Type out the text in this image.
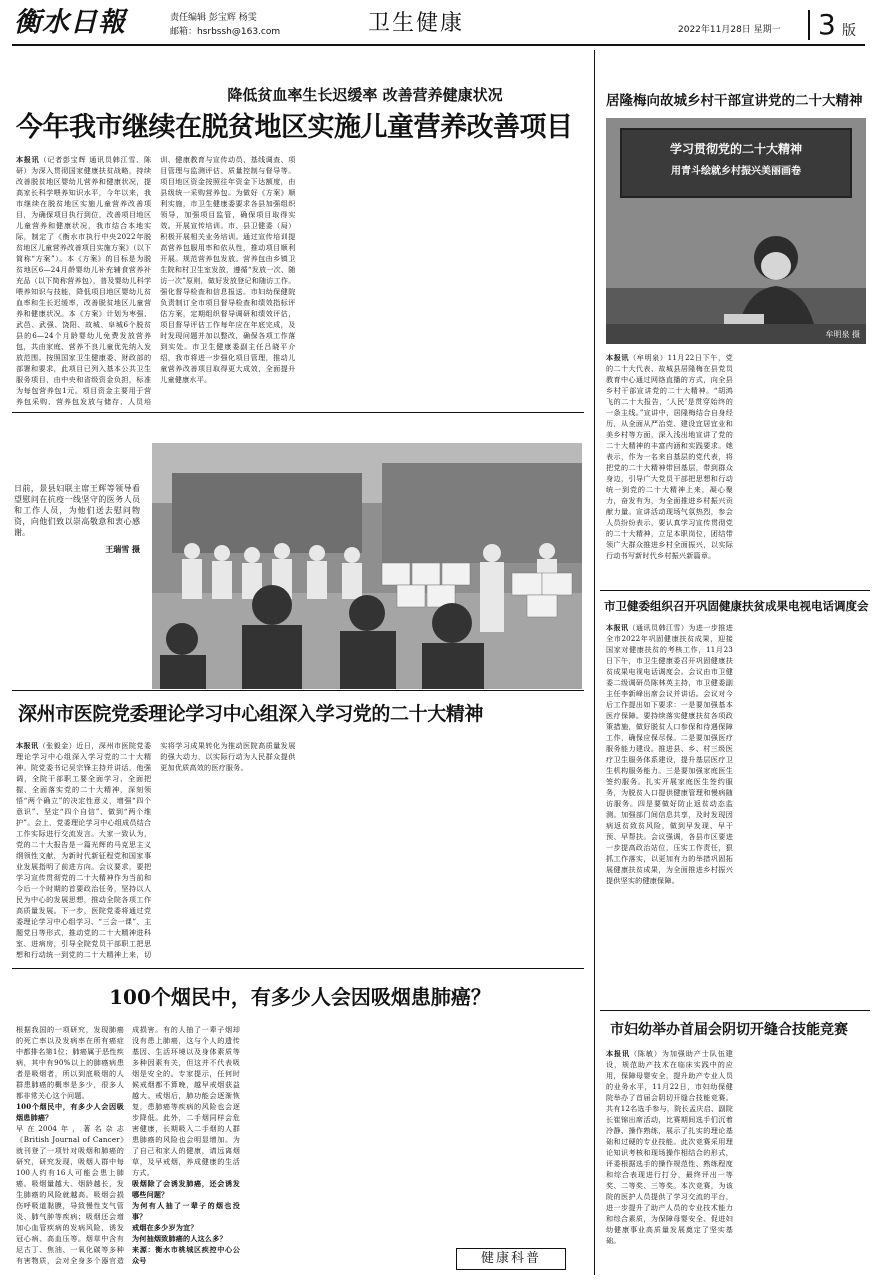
衡水日報	责任编辑 彭宝辉 杨雯
邮箱：hsrbssh@163.com	卫生健康	2022年11月28日 星期一 3 版
降低贫血率生长迟缓率 改善营养健康状况
今年我市继续在脱贫地区实施儿童营养改善项目
本报讯（记者彭宝辉 通讯员韩江雪、陈研）为深入贯彻国家健康扶贫战略，持续改善脱贫地区婴幼儿营养和健康状况，提高家长科学喂养知识水平，今年以来，我市继续在脱贫地区实施儿童营养改善项目，为确保项目执行到位，改善项目地区儿童营养和健康状况，我市结合本地实际，制定了《衡水市执行中央2022年脱贫地区儿童营养改善项目实施方案》（以下简称“方案”）。本《方案》的目标是为脱贫地区6—24月龄婴幼儿补充辅食营养补充品（以下简称营养包），普及婴幼儿科学喂养知识与技能，降低项目地区婴幼儿贫血率和生长迟缓率，改善脱贫地区儿童营养和健康状况。本《方案》计划为枣强、武邑、武强、饶阳、故城、阜城6个脱贫县的6—24个月龄婴幼儿免费发放营养包，共由家庭、营养不良儿童优先纳入发放范围。按照国家卫生健康委、财政部的部署和要求，此项目已列入基本公共卫生服务项目，由中央和省级资金负担，标准为每包营养包1元。项目资金主要用于营养包采购、营养包发放与储存、人员培训、健康教育与宣传动员、基线调查、项目管理与监测评估、质量控制与督导等。项目地区资金按照往年资金下达额度，由县级统一采购营养包。为做好《方案》顺利实施，市卫生健康委要求各县加强组织领导，加强项目监管，确保项目取得实效。开展宣传培训。市、县卫健委（局）积极开展相关业务培训。通过宣传培训提高营养包服用率和依从性，推动项目顺利开展。规范营养包发放。营养包由乡镇卫生院和村卫生室发放，遵循“发放一次、随访一次”原则，做好发放登记和随访工作。强化督导检查和信息报送。市妇幼保健院负责制订全市项目督导检查和绩效指标评估方案，定期组织督导调研和绩效评估，项目督导评估工作每年应在年底完成，及时发现问题并加以整改，确保各项工作落到实处。市卫生健康委副主任吕晓平介绍，我市将进一步强化项目管理，推动儿童营养改善项目取得更大成效，全面提升儿童健康水平。
日前，景县妇联主席王辉等领导看望慰问在抗疫一线坚守的医务人员和工作人员，为他们送去慰问物资，向他们致以崇高敬意和衷心感谢。
王瑞雪 摄
深州市医院党委理论学习中心组深入学习党的二十大精神
本报讯（张毅金）近日，深州市医院党委理论学习中心组深入学习党的二十大精神。院党委书记吴宗锋主持并讲话，他强调，全院干部职工要全面学习、全面把握、全面落实党的二十大精神，深刻领悟“两个确立”的决定性意义，增强“四个意识”、坚定“四个自信”、做到“两个维护”。会上，党委理论学习中心组成员结合工作实际进行交流发言。大家一致认为，党的二十大报告是一篇光辉的马克思主义纲领性文献，为新时代新征程党和国家事业发展指明了前进方向。会议要求，要把学习宣传贯彻党的二十大精神作为当前和今后一个时期的首要政治任务，坚持以人民为中心的发展思想，推动全院各项工作高质量发展。下一步，医院党委将通过党委理论学习中心组学习、“三会一课”、主题党日等形式，推动党的二十大精神进科室、进病房，引导全院党员干部职工把思想和行动统一到党的二十大精神上来，切实将学习成果转化为推动医院高质量发展的强大动力，以实际行动为人民群众提供更加优质高效的医疗服务。
100个烟民中，有多少人会因吸烟患肺癌？
根据我国的一项研究，发现肺癌的死亡率以及发病率在所有癌症中都排名第1位；肺癌属于恶性疾病，其中有90%以上的肺癌病患者是吸烟者，所以到底吸烟的人群患肺癌的概率是多少，很多人都非常关心这个问题。
100个烟民中，有多少人会因吸烟患肺癌？
早在2004年，著名杂志《British Journal of Cancer》就刊登了一项针对吸烟和肺癌的研究，研究发现，吸烟人群中每100人约有16人可能会患上肺癌。吸烟量越大、烟龄越长，发生肺癌的风险就越高。吸烟会损伤呼吸道黏膜，导致慢性支气管炎、肺气肿等疾病；吸烟还会增加心血管疾病的发病风险，诱发冠心病、高血压等。烟草中含有尼古丁、焦油、一氧化碳等多种有害物质，会对全身多个器官造成损害。有的人抽了一辈子烟却没有患上肺癌，这与个人的遗传基因、生活环境以及身体素质等多种因素有关，但这并不代表吸烟是安全的。专家提示，任何时候戒烟都不算晚，越早戒烟获益越大。戒烟后，肺功能会逐渐恢复，患肺癌等疾病的风险也会逐步降低。此外，二手烟同样会危害健康，长期吸入二手烟的人群患肺癌的风险也会明显增加。为了自己和家人的健康，请远离烟草，及早戒烟，养成健康的生活方式。
吸烟除了会诱发肺癌，还会诱发哪些问题？
为何有人抽了一辈子的烟也没事？
戒烟在多少岁为宜？
为何抽烟致肺癌的人这么多？
来源：衡水市桃城区疾控中心公众号	健康科普
居隆梅向故城乡村干部宣讲党的二十大精神
学习贯彻党的二十大精神
用青斗绘就乡村振兴美丽画卷
牟明泉 摄
本报讯（牟明泉）11月22日下午，党的二十大代表、故城县居隆梅在县党员教育中心通过网络直播的方式，向全县乡村干部宣讲党的二十大精神。“胡鸿飞的二十大报告，‘人民’是贯穿始终的一条主线。”宣讲中，居隆梅结合自身经历，从全面从严治党、建设宜居宜业和美乡村等方面，深入浅出地宣讲了党的二十大精神的丰富内涵和实践要求。她表示，作为一名来自基层的党代表，将把党的二十大精神带回基层，带到群众身边，引导广大党员干部把思想和行动统一到党的二十大精神上来，凝心聚力，奋发有为，为全面推进乡村振兴贡献力量。宣讲活动现场气氛热烈，参会人员纷纷表示，要认真学习宣传贯彻党的二十大精神，立足本职岗位，团结带领广大群众推进乡村全面振兴，以实际行动书写新时代乡村振兴新篇章。
市卫健委组织召开巩固健康扶贫成果电视电话调度会
本报讯（通讯员韩江雪）为进一步推进全市2022年巩固健康扶贫成果，迎接国家对健康扶贫的考核工作，11月23日下午，市卫生健康委召开巩固健康扶贫成果电视电话调度会。会议由市卫健委二级调研员陈林英主持，市卫健委副主任李新峰出席会议并讲话。会议对今后工作提出如下要求：一是要加强基本医疗保障。要持续落实健康扶贫各项政策措施，做好脱贫人口参保和待遇保障工作，确保应保尽保。二是要加强医疗服务能力建设。推进县、乡、村三级医疗卫生服务体系建设，提升基层医疗卫生机构服务能力。三是要加强家庭医生签约服务。扎实开展家庭医生签约服务，为脱贫人口提供健康管理和慢病随访服务。四是要做好防止返贫动态监测。加强部门间信息共享，及时发现因病返贫致贫风险，做到早发现、早干预、早帮扶。会议强调，各县市区要进一步提高政治站位，压实工作责任，狠抓工作落实，以更加有力的举措巩固拓展健康扶贫成果，为全面推进乡村振兴提供坚实的健康保障。
市妇幼举办首届会阴切开缝合技能竞赛
本报讯（陈敏）为加强助产士队伍建设，规范助产技术在临床实践中的应用，保障母婴安全，提升助产专业人员的业务水平，11月22日，市妇幼保健院举办了首届会阴切开缝合技能竞赛。共有12名选手参与，院长孟庆启、副院长崔锦出席活动，比赛期间选手们沉着冷静、操作熟练，展示了扎实的理论基础和过硬的专业技能。此次竞赛采用理论知识考核和现场操作相结合的形式，评委根据选手的操作规范性、熟练程度和综合表现进行打分，最终评出一等奖、二等奖、三等奖。本次竞赛，为该院的医护人员提供了学习交流的平台，进一步提升了助产人员的专业技术能力和综合素质，为保障母婴安全、促进妇幼健康事业高质量发展奠定了坚实基础。
